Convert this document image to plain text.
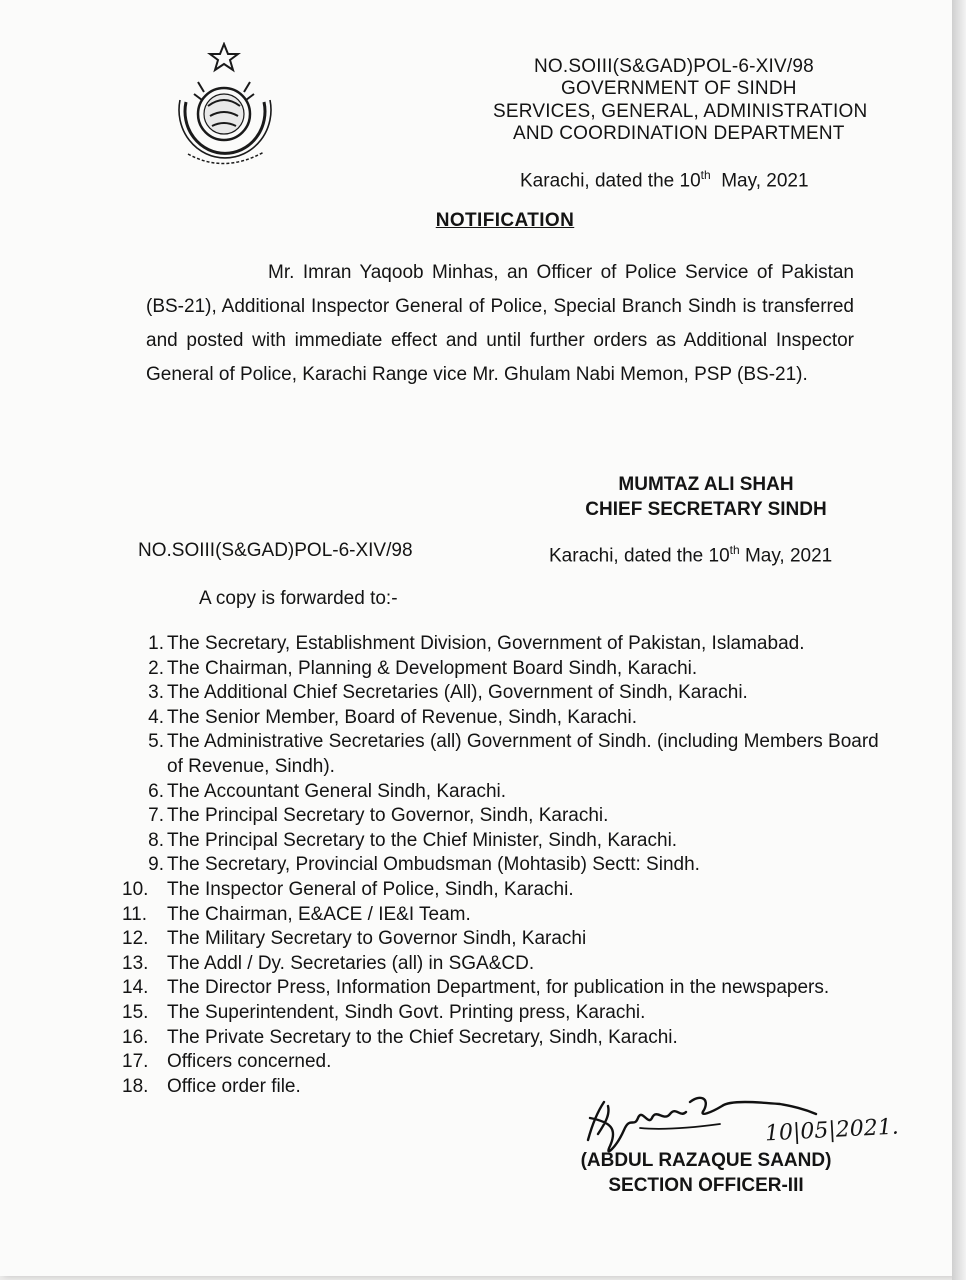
NO.SOIII(S&GAD)POL-6-XIV/98
GOVERNMENT OF SINDH
SERVICES, GENERAL, ADMINISTRATION
AND COORDINATION DEPARTMENT
Karachi, dated the 10th May, 2021
NOTIFICATION
Mr. Imran Yaqoob Minhas, an Officer of Police Service of Pakistan (BS-21), Additional Inspector General of Police, Special Branch Sindh is transferred and posted with immediate effect and until further orders as Additional Inspector General of Police, Karachi Range vice Mr. Ghulam Nabi Memon, PSP (BS-21).
MUMTAZ ALI SHAH
CHIEF SECRETARY SINDH
NO.SOIII(S&GAD)POL-6-XIV/98	Karachi, dated the 10th May, 2021
A copy is forwarded to:-
1. The Secretary, Establishment Division, Government of Pakistan, Islamabad.
2. The Chairman, Planning & Development Board Sindh, Karachi.
3. The Additional Chief Secretaries (All), Government of Sindh, Karachi.
4. The Senior Member, Board of Revenue, Sindh, Karachi.
5. The Administrative Secretaries (all) Government of Sindh. (including Members Board of Revenue, Sindh).
6. The Accountant General Sindh, Karachi.
7. The Principal Secretary to Governor, Sindh, Karachi.
8. The Principal Secretary to the Chief Minister, Sindh, Karachi.
9. The Secretary, Provincial Ombudsman (Mohtasib) Sectt: Sindh.
10. The Inspector General of Police, Sindh, Karachi.
11.	The Chairman, E&ACE / IE&I Team.
12. The Military Secretary to Governor Sindh, Karachi
13. The Addl / Dy. Secretaries (all) in SGA&CD.
14. The Director Press, Information Department, for publication in the newspapers.
15. The Superintendent, Sindh Govt. Printing press, Karachi.
16. The Private Secretary to the Chief Secretary, Sindh, Karachi.
17. Officers concerned.
18. Office order file.
10|05|2021.
(ABDUL RAZAQUE SAAND)
SECTION OFFICER-III
